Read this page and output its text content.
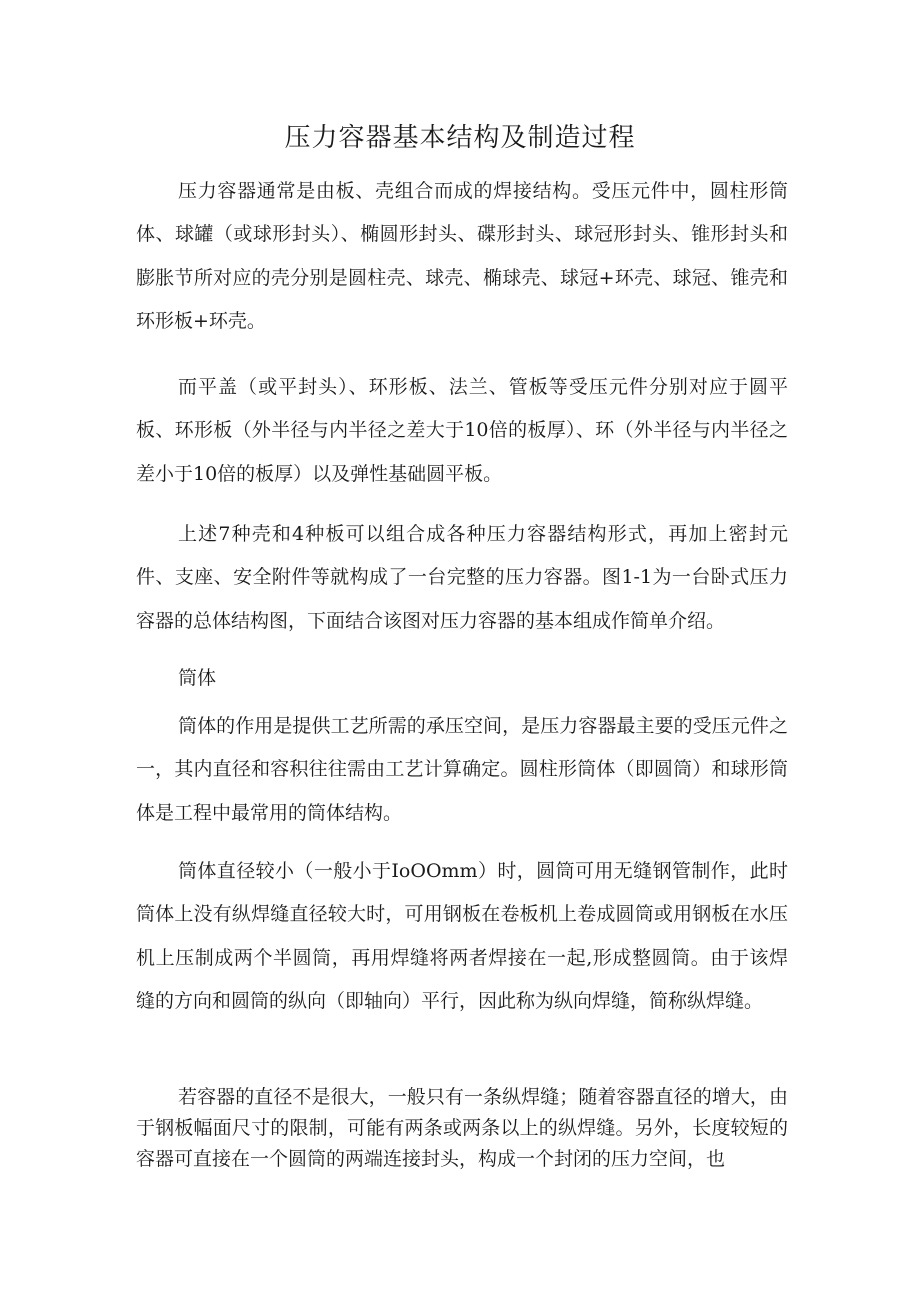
压力容器基本结构及制造过程

压力容器通常是由板、壳组合而成的焊接结构。受压元件中，圆柱形筒体、球罐（或球形封头）、椭圆形封头、碟形封头、球冠形封头、锥形封头和膨胀节所对应的壳分别是圆柱壳、球壳、椭球壳、球冠+环壳、球冠、锥壳和环形板+环壳。

而平盖（或平封头）、环形板、法兰、管板等受压元件分别对应于圆平板、环形板（外半径与内半径之差大于10倍的板厚）、环（外半径与内半径之差小于10倍的板厚）以及弹性基础圆平板。

上述7种壳和4种板可以组合成各种压力容器结构形式，再加上密封元件、支座、安全附件等就构成了一台完整的压力容器。图1-1为一台卧式压力容器的总体结构图，下面结合该图对压力容器的基本组成作简单介绍。

筒体

筒体的作用是提供工艺所需的承压空间，是压力容器最主要的受压元件之一，其内直径和容积往往需由工艺计算确定。圆柱形筒体（即圆筒）和球形筒体是工程中最常用的筒体结构。

筒体直径较小（一般小于IoOOmm）时，圆筒可用无缝钢管制作，此时筒体上没有纵焊缝直径较大时，可用钢板在卷板机上卷成圆筒或用钢板在水压机上压制成两个半圆筒，再用焊缝将两者焊接在一起,形成整圆筒。由于该焊缝的方向和圆筒的纵向（即轴向）平行，因此称为纵向焊缝，简称纵焊缝。

若容器的直径不是很大，一般只有一条纵焊缝；随着容器直径的增大，由于钢板幅面尺寸的限制，可能有两条或两条以上的纵焊缝。另外，长度较短的容器可直接在一个圆筒的两端连接封头，构成一个封闭的压力空间，也
